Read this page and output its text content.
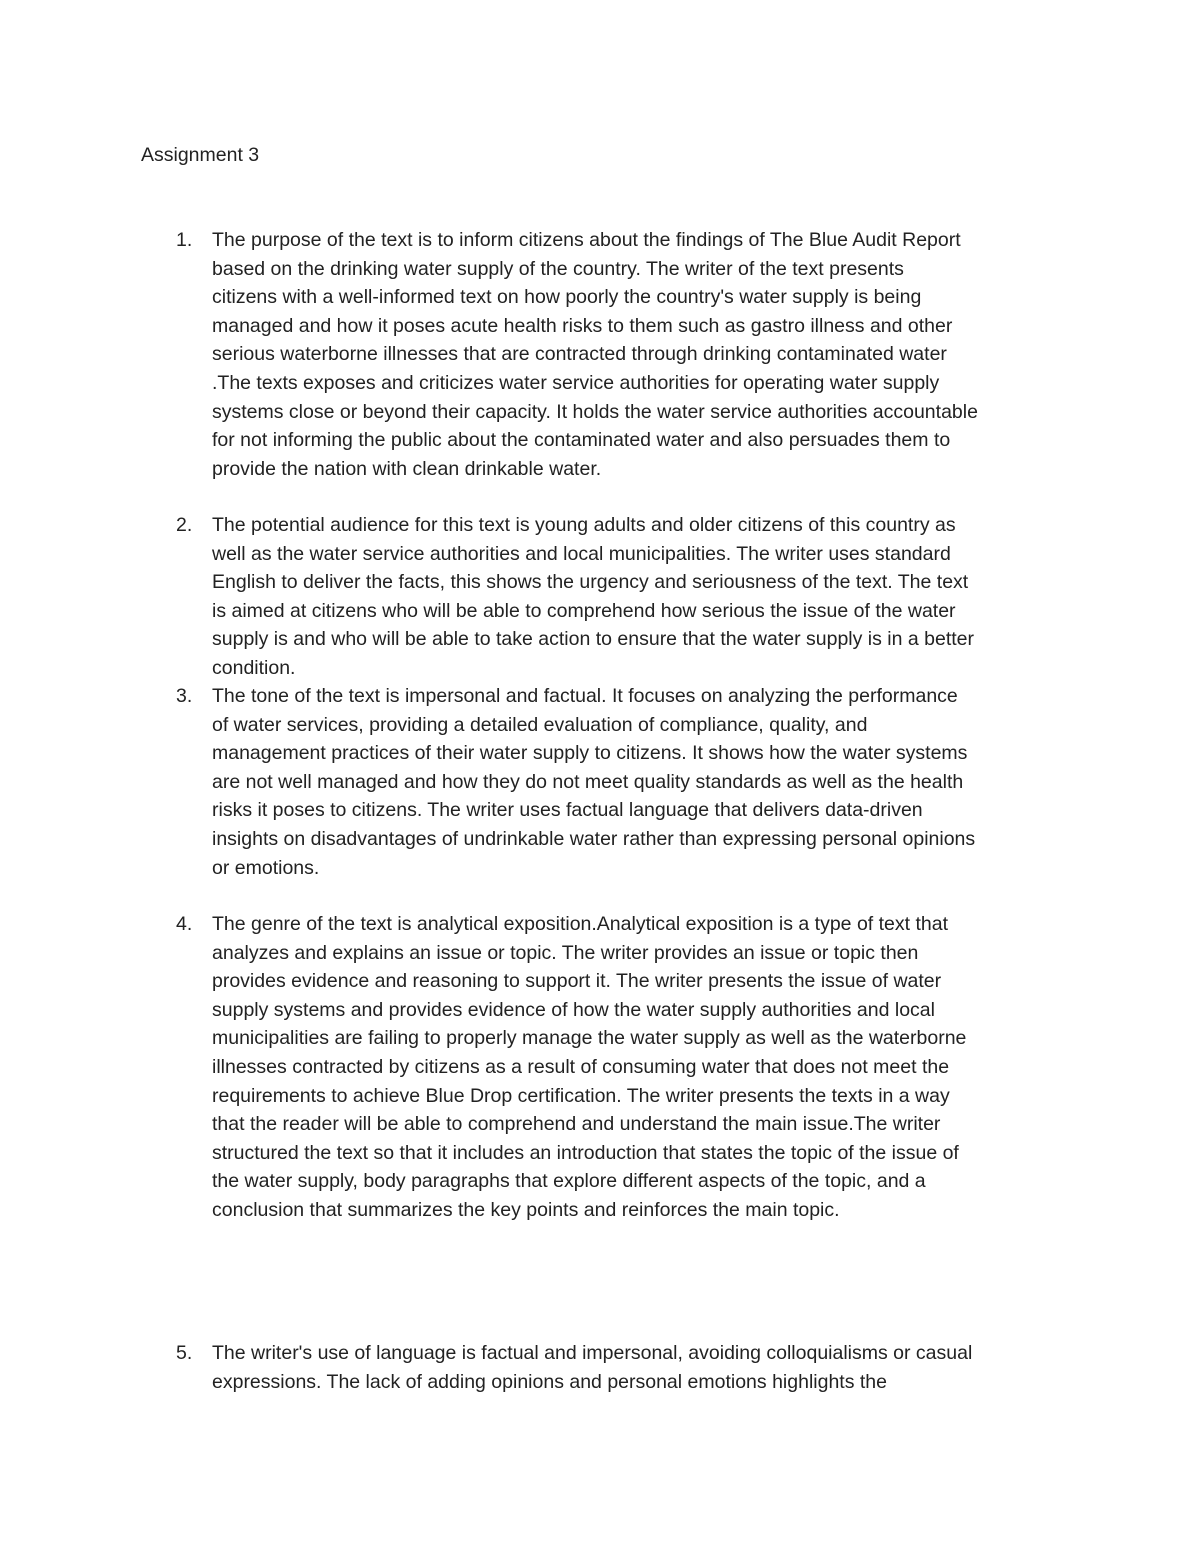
Assignment 3
1. The purpose of the text is to inform citizens about the findings of The Blue Audit Report
based on the drinking water supply of the country. The writer of the text presents
citizens with a well-informed text on how poorly the country's water supply is being
managed and how it poses acute health risks to them such as gastro illness and other
serious waterborne illnesses that are contracted through drinking contaminated water
.The texts exposes and criticizes water service authorities for operating water supply
systems close or beyond their capacity. It holds the water service authorities accountable
for not informing the public about the contaminated water and also persuades them to
provide the nation with clean drinkable water.
2. The potential audience for this text is young adults and older citizens of this country as
well as the water service authorities and local municipalities. The writer uses standard
English to deliver the facts, this shows the urgency and seriousness of the text. The text
is aimed at citizens who will be able to comprehend how serious the issue of the water
supply is and who will be able to take action to ensure that the water supply is in a better
condition.
3. The tone of the text is impersonal and factual. It focuses on analyzing the performance
of water services, providing a detailed evaluation of compliance, quality, and
management practices of their water supply to citizens. It shows how the water systems
are not well managed and how they do not meet quality standards as well as the health
risks it poses to citizens. The writer uses factual language that delivers data-driven
insights on disadvantages of undrinkable water rather than expressing personal opinions
or emotions.
4. The genre of the text is analytical exposition.Analytical exposition is a type of text that
analyzes and explains an issue or topic. The writer provides an issue or topic then
provides evidence and reasoning to support it. The writer presents the issue of water
supply systems and provides evidence of how the water supply authorities and local
municipalities are failing to properly manage the water supply as well as the waterborne
illnesses contracted by citizens as a result of consuming water that does not meet the
requirements to achieve Blue Drop certification. The writer presents the texts in a way
that the reader will be able to comprehend and understand the main issue.The writer
structured the text so that it includes an introduction that states the topic of the issue of
the water supply, body paragraphs that explore different aspects of the topic, and a
conclusion that summarizes the key points and reinforces the main topic.
5. The writer's use of language is factual and impersonal, avoiding colloquialisms or casual
expressions. The lack of adding opinions and personal emotions highlights the
